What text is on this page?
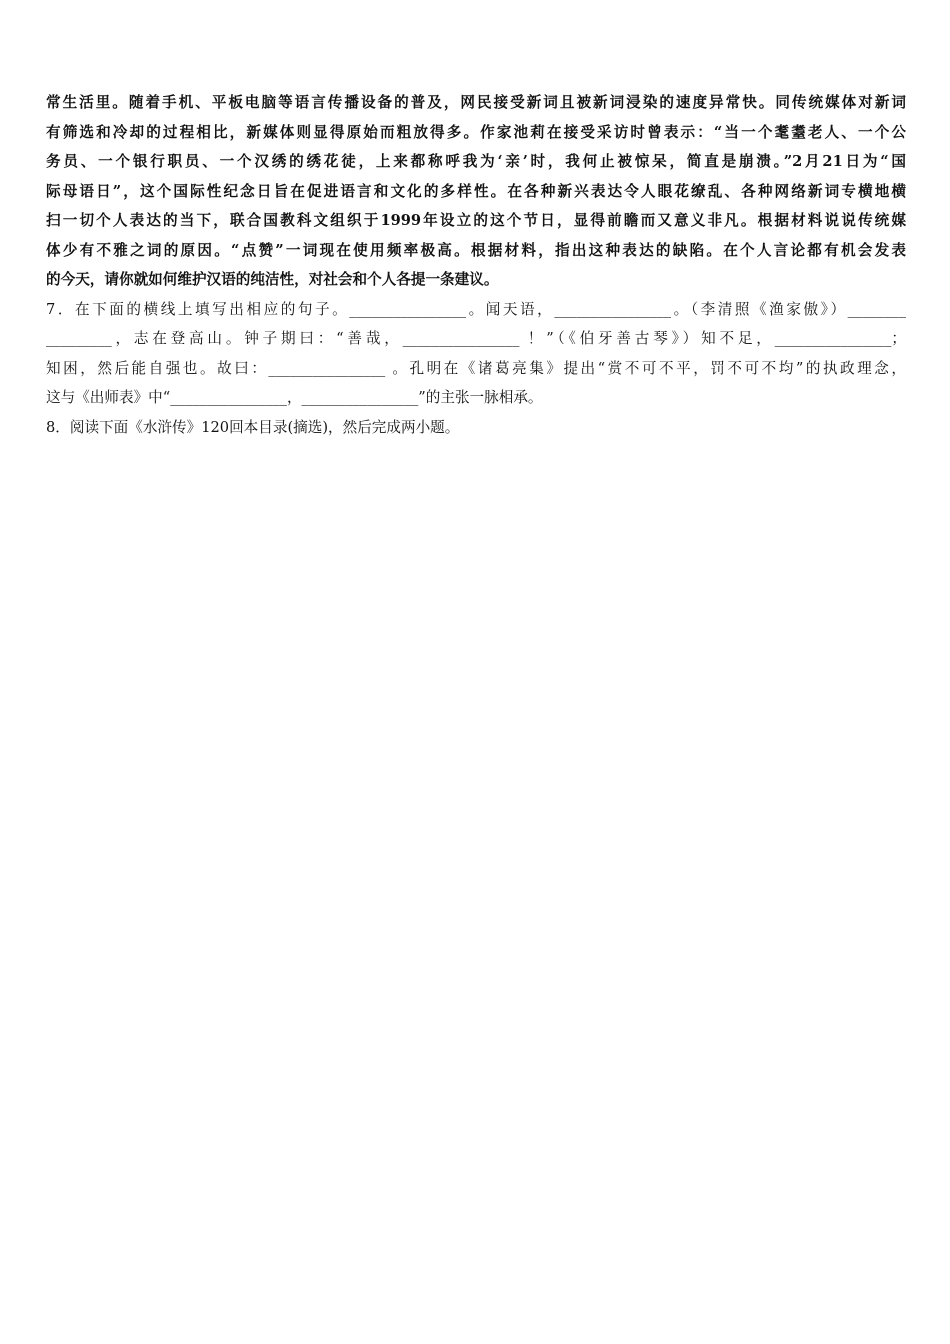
常生活里。随着手机、平板电脑等语言传播设备的普及，网民接受新词且被新词浸染的速度异常快。同传统媒体对新词
有筛选和冷却的过程相比，新媒体则显得原始而粗放得多。作家池莉在接受采访时曾表示：“当一个耄耋老人、一个公
务员、一个银行职员、一个汉绣的绣花徒，上来都称呼我为‘亲’时，我何止被惊呆，简直是崩溃。”2月21日为“国
际母语日”，这个国际性纪念日旨在促进语言和文化的多样性。在各种新兴表达令人眼花缭乱、各种网络新词专横地横
扫一切个人表达的当下，联合国教科文组织于1999年设立的这个节日，显得前瞻而又意义非凡。根据材料说说传统媒
体少有不雅之词的原因。“点赞”一词现在使用频率极高。根据材料，指出这种表达的缺陷。在个人言论都有机会发表
的今天，请你就如何维护汉语的纯洁性，对社会和个人各提一条建议。
7．在下面的横线上填写出相应的句子。________________。闻天语，________________。（李清照《渔家傲》）________
_________，志在登高山。钟子期曰：“善哉，________________ ！”（《伯牙善古琴》）知不足，________________；
知困，然后能自强也。故曰：________________ 。孔明在《诸葛亮集》提出“赏不可不平，罚不可不均”的执政理念，
这与《出师表》中“________________，________________”的主张一脉相承。
8．阅读下面《水浒传》120回本目录(摘选)，然后完成两小题。
